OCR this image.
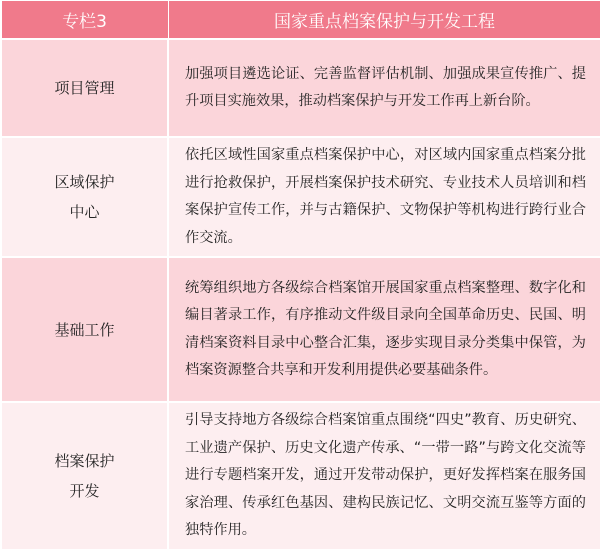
专栏3	国家重点档案保护与开发工程
项目管理	加强项目遴选论证、完善监督评估机制、加强成果宣传推广、提升项目实施效果，推动档案保护与开发工作再上新台阶。
区域保护中心	依托区域性国家重点档案保护中心，对区域内国家重点档案分批进行抢救保护，开展档案保护技术研究、专业技术人员培训和档案保护宣传工作，并与古籍保护、文物保护等机构进行跨行业合作交流。
基础工作	统筹组织地方各级综合档案馆开展国家重点档案整理、数字化和编目著录工作，有序推动文件级目录向全国革命历史、民国、明清档案资料目录中心整合汇集，逐步实现目录分类集中保管，为档案资源整合共享和开发利用提供必要基础条件。
档案保护开发	引导支持地方各级综合档案馆重点围绕“四史”教育、历史研究、工业遗产保护、历史文化遗产传承、“一带一路”与跨文化交流等进行专题档案开发，通过开发带动保护，更好发挥档案在服务国家治理、传承红色基因、建构民族记忆、文明交流互鉴等方面的独特作用。
